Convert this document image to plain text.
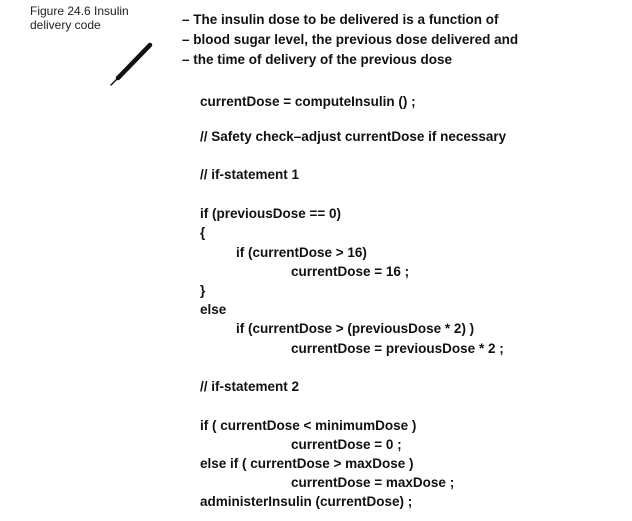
Figure 24.6 Insulin
delivery code	– The insulin dose to be delivered is a function of
– blood sugar level, the previous dose delivered and
– the time of delivery of the previous dose
currentDose = computeInsulin () ;
// Safety check–adjust currentDose if necessary
// if-statement 1
if (previousDose == 0)
{
if (currentDose > 16)
currentDose = 16 ;
}
else
if (currentDose > (previousDose * 2) )
currentDose = previousDose * 2 ;
// if-statement 2
if ( currentDose < minimumDose )
currentDose = 0 ;
else if ( currentDose > maxDose )
currentDose = maxDose ;
administerInsulin (currentDose) ;
